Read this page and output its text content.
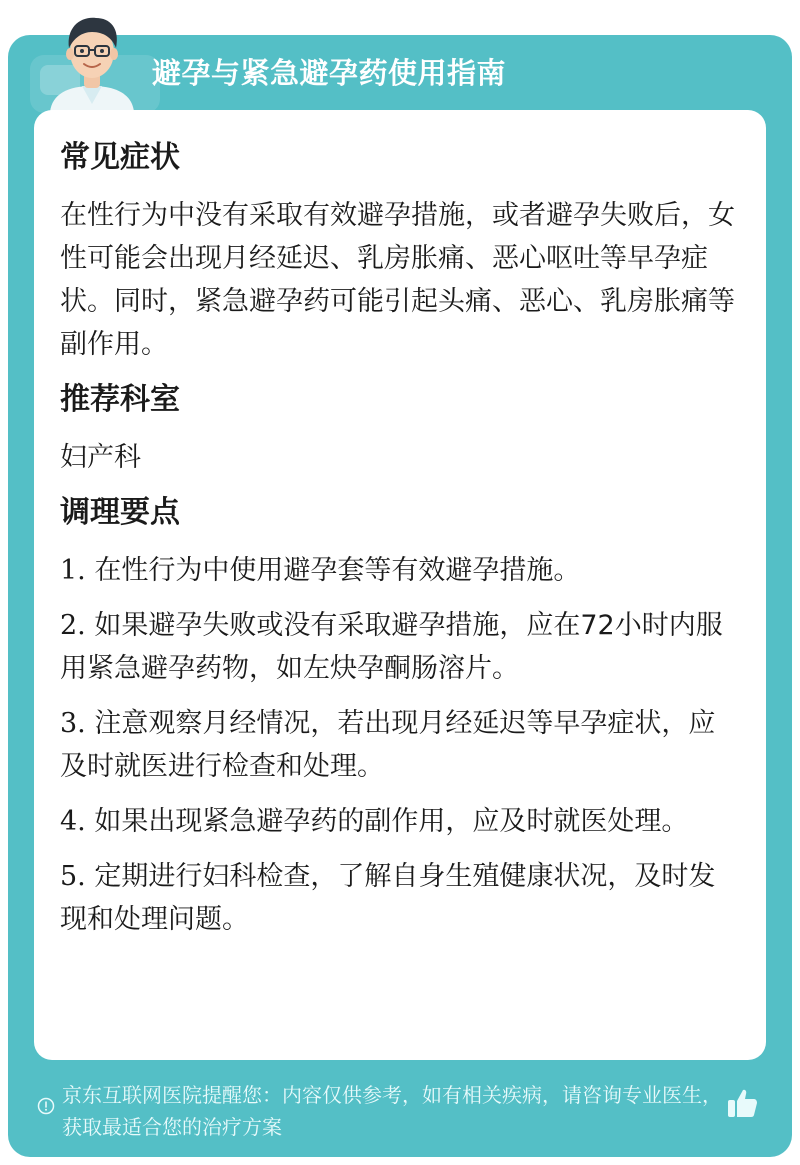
避孕与紧急避孕药使用指南
常见症状
在性行为中没有采取有效避孕措施，或者避孕失败后，女性可能会出现月经延迟、乳房胀痛、恶心呕吐等早孕症状。同时，紧急避孕药可能引起头痛、恶心、乳房胀痛等副作用。
推荐科室
妇产科
调理要点
1. 在性行为中使用避孕套等有效避孕措施。
2. 如果避孕失败或没有采取避孕措施，应在72小时内服用紧急避孕药物，如左炔孕酮肠溶片。
3. 注意观察月经情况，若出现月经延迟等早孕症状，应及时就医进行检查和处理。
4. 如果出现紧急避孕药的副作用，应及时就医处理。
5. 定期进行妇科检查，了解自身生殖健康状况，及时发现和处理问题。
京东互联网医院提醒您：内容仅供参考，如有相关疾病，请咨询专业医生，获取最适合您的治疗方案
